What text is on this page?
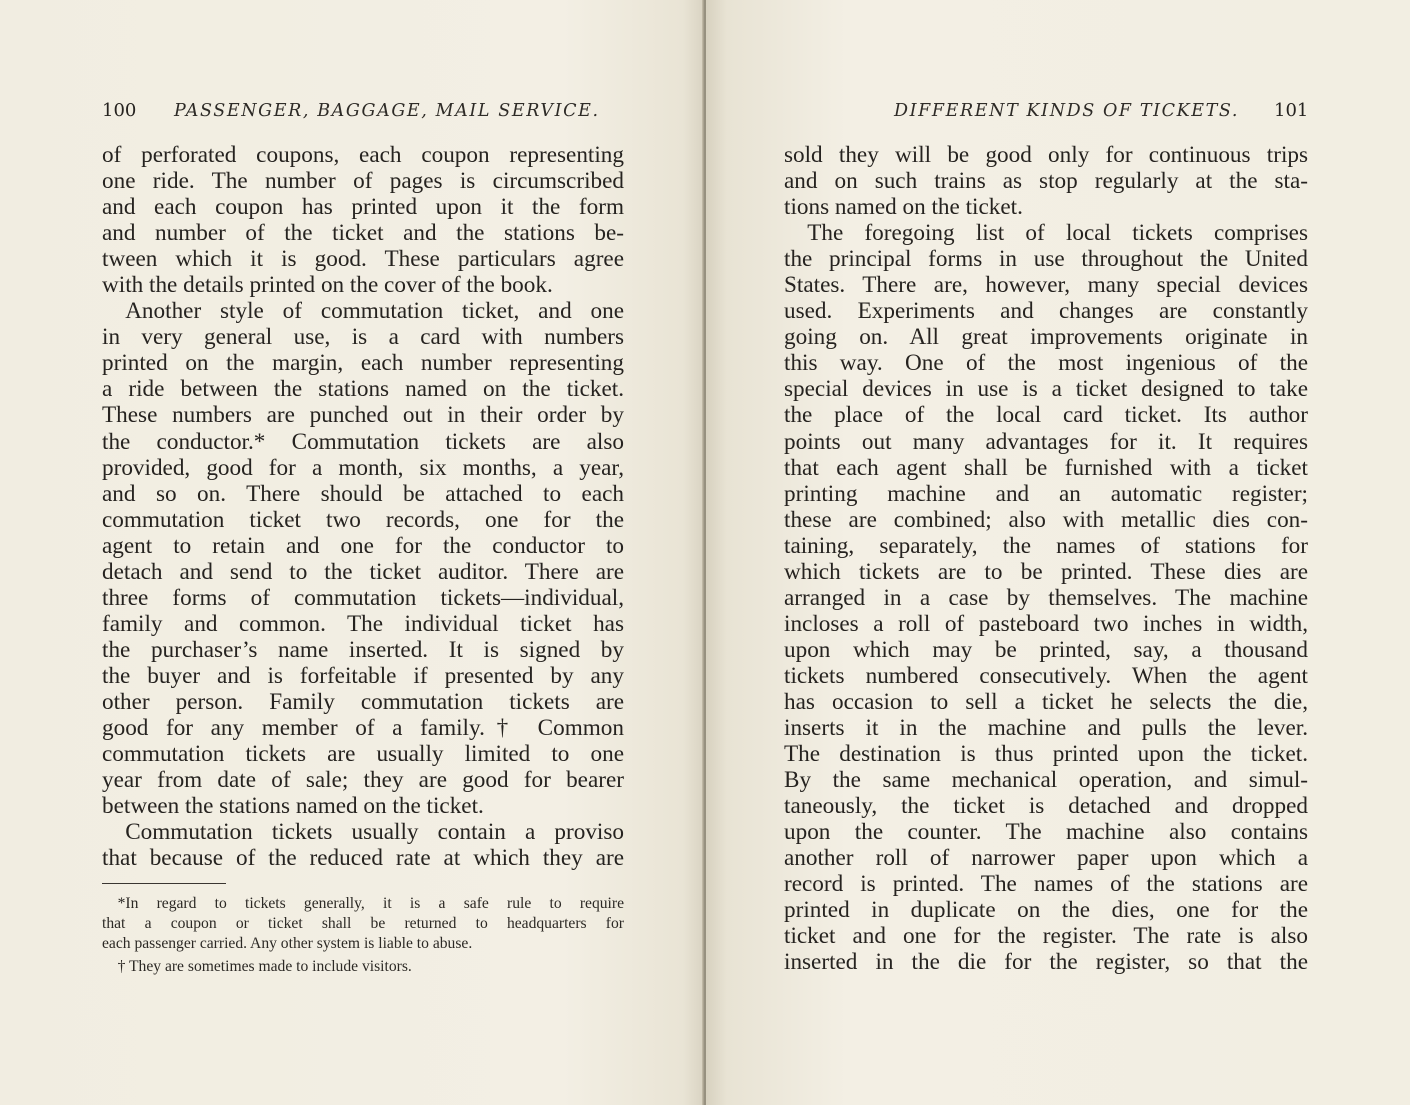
100 PASSENGER, BAGGAGE, MAIL SERVICE.
of perforated coupons, each coupon representing
one ride. The number of pages is circumscribed
and each coupon has printed upon it the form
and number of the ticket and the stations be-
tween which it is good. These particulars agree
with the details printed on the cover of the book.
 Another style of commutation ticket, and one
in very general use, is a card with numbers
printed on the margin, each number representing
a ride between the stations named on the ticket.
These numbers are punched out in their order by
the conductor.* Commutation tickets are also
provided, good for a month, six months, a year,
and so on. There should be attached to each
commutation ticket two records, one for the
agent to retain and one for the conductor to
detach and send to the ticket auditor. There are
three forms of commutation tickets—individual,
family and common. The individual ticket has
the purchaser’s name inserted. It is signed by
the buyer and is forfeitable if presented by any
other person. Family commutation tickets are
good for any member of a family.† Common
commutation tickets are usually limited to one
year from date of sale; they are good for bearer
between the stations named on the ticket.
 Commutation tickets usually contain a proviso
that because of the reduced rate at which they are
 *In regard to tickets generally, it is a safe rule to require
that a coupon or ticket shall be returned to headquarters for
each passenger carried. Any other system is liable to abuse.
 † They are sometimes made to include visitors.
DIFFERENT KINDS OF TICKETS. 101
sold they will be good only for continuous trips
and on such trains as stop regularly at the sta-
tions named on the ticket.
 The foregoing list of local tickets comprises
the principal forms in use throughout the United
States. There are, however, many special devices
used. Experiments and changes are constantly
going on. All great improvements originate in
this way. One of the most ingenious of the
special devices in use is a ticket designed to take
the place of the local card ticket. Its author
points out many advantages for it. It requires
that each agent shall be furnished with a ticket
printing machine and an automatic register;
these are combined; also with metallic dies con-
taining, separately, the names of stations for
which tickets are to be printed. These dies are
arranged in a case by themselves. The machine
incloses a roll of pasteboard two inches in width,
upon which may be printed, say, a thousand
tickets numbered consecutively. When the agent
has occasion to sell a ticket he selects the die,
inserts it in the machine and pulls the lever.
The destination is thus printed upon the ticket.
By the same mechanical operation, and simul-
taneously, the ticket is detached and dropped
upon the counter. The machine also contains
another roll of narrower paper upon which a
record is printed. The names of the stations are
printed in duplicate on the dies, one for the
ticket and one for the register. The rate is also
inserted in the die for the register, so that the
